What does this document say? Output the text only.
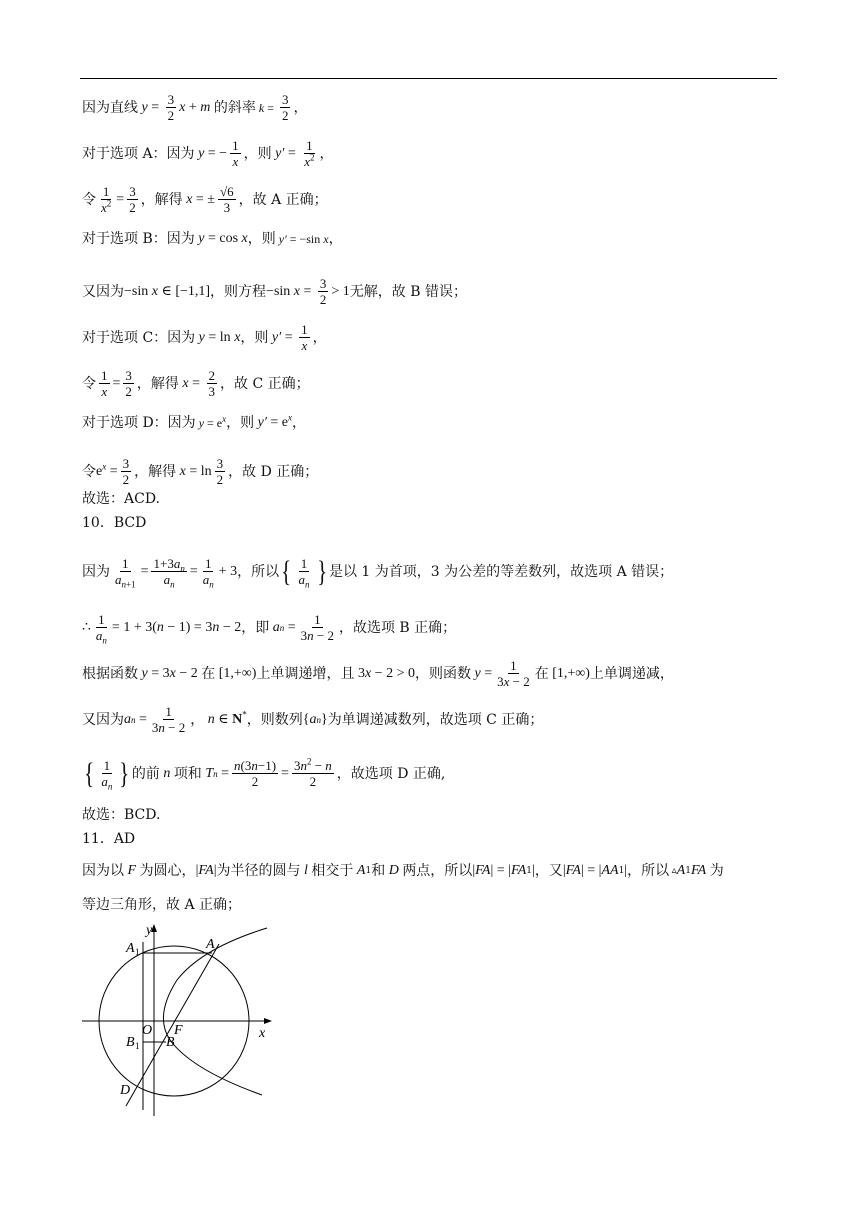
因为直线 $y = \frac{3}{2}$ x + m 的斜率 $k = \frac{3}{2}$ ，
对于选项 A：因为 y = − $\frac{1}{x}$ ，则 $y' = \frac{1}{x^2}$ ，
令 $\frac{1}{x^2} = \frac{3}{2}$ ，解得 x = ± $\frac{√6}{3}$ ，故 A 正确；
对于选项 B：因为 y = cos x ，则 y′ = −sin x ，
又因为 −sin x ∈ [−1,1] ，则方程 −sin $x = \frac{3}{2} > 1$ 无解，故 B 错误；
对于选项 C：因为 y = ln x ，则 $y' = \frac{1}{x}$ ，
令 $\frac{1}{x} = \frac{3}{2}$ ，解得 $x = \frac{2}{3}$ ，故 C 正确；
对于选项 D：因为 $y = e^x$ ，则 $y' = e^x$ ，
令 $e^x = \frac{3}{2}$ ，解得 $x = \ln \frac{3}{2}$ ，故 D 正确；
故选：ACD.
10．BCD
因为 $\frac{1}{a_{n+1}} = \frac{1+3a_n}{a_n} = \frac{1}{a_n} + 3$ ，所以 { $\frac{1}{a_n}$ } 是以 1 为首项，3 为公差的等差数列，故选项 A 错误；
∴ $\frac{1}{a_n} = 1 + 3$( n − 1) = 3 n − 2 ，即 a $n = \frac{1}{3n - 2}$ ，故选项 B 正确；
根据函数 y = 3 x − 2 在 [1,+∞) 上单调递增，且 3 x − 2 > 0 ，则函数 $y = \frac{1}{3x - 2}$ 在 [1,+∞) 上单调递减，
又因为 a $n = \frac{1}{3n - 2}$ ， n ∈ N* ，则数列 { a n } 为单调递减数列，故选项 C 正确；
{ $\frac{1}{a_n}$ } 的前 n 项和 T $n = \frac{n(3n-1)}{2} = \frac{3n^2 - n}{2}$ ，故选项 D 正确,
故选：BCD.
11．AD
因为以 F 为圆心， | FA | 为半径的圆与 l 相交于 A 1 和 D 两点，所以 | FA | = | FA 1 | ，又 | FA | = | AA 1 | ，所以 ▵ A 1 FA 为
等边三角形，故 A 正确；
y
x
A 1	A
O F
B 1 B
D
